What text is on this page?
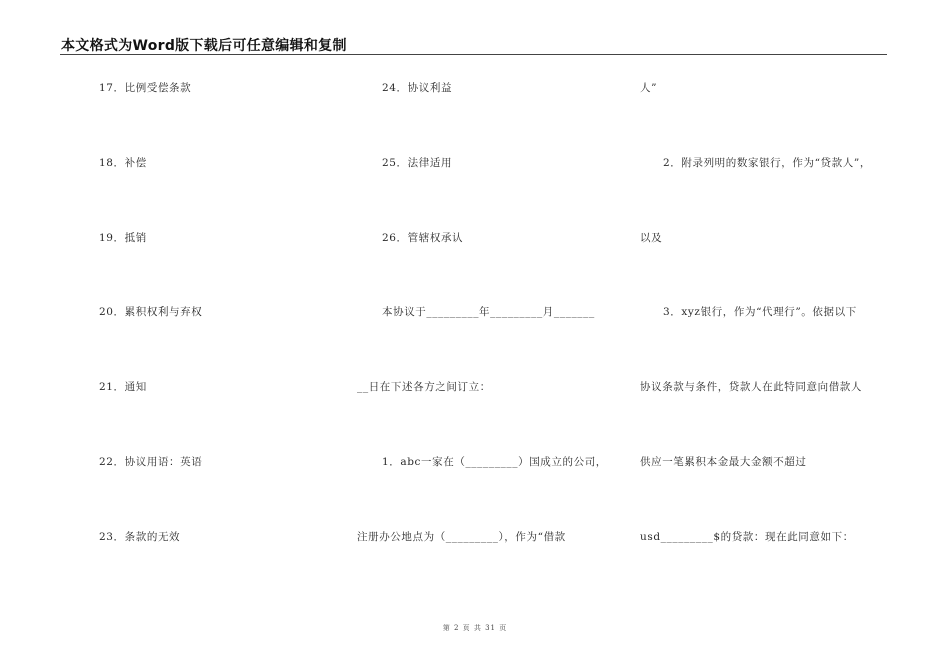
本文格式为Word版下载后可任意编辑和复制
17．比例受偿条款
18．补偿
19．抵销
20．累积权利与弃权
21．通知
22．协议用语：英语
23．条款的无效
24．协议利益
25．法律适用
26．管辖权承认
本协议于_________年_________月_______
__日在下述各方之间订立：
1．abc一家在（_________）国成立的公司，
注册办公地点为（_________），作为“借款
人”
2．附录列明的数家银行，作为“贷款人”，
以及
3．xyz银行，作为“代理行”。依据以下
协议条款与条件，贷款人在此特同意向借款人
供应一笔累积本金最大金额不超过
usd_________$的贷款：现在此同意如下：
第 2 页 共 31 页
